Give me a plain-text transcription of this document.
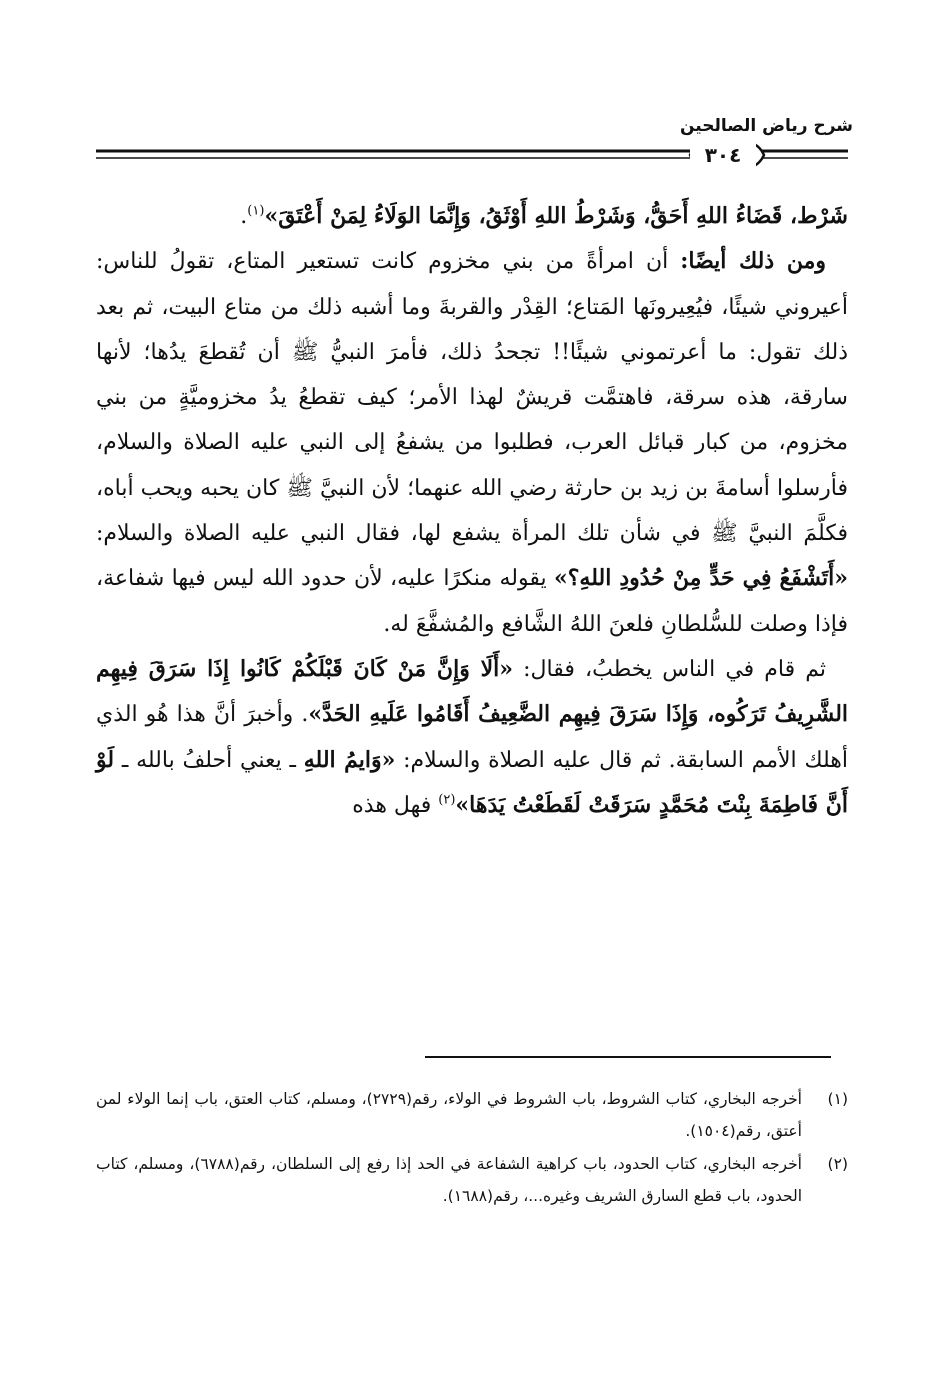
شرح رياض الصالحين
٣٠٤

شَرْط، قَضَاءُ اللهِ أَحَقُّ، وَشَرْطُ اللهِ أَوْثَقُ، وَإِنَّمَا الوَلَاءُ لِمَنْ أَعْتَقَ»$^{(١)}$.

 ومن ذلك أيضًا: أن امرأةً من بني مخزوم كانت تستعير المتاع، تقولُ للناس: أعيروني شيئًا، فيُعِيرونَها المَتاع؛ القِدْر والقربةَ وما أشبه ذلك من متاع البيت، ثم بعد ذلك تقول: ما أعرتموني شيئًا!! تجحدُ ذلك، فأمرَ النبيُّ ﷺ أن تُقطعَ يدُها؛ لأنها سارقة، هذه سرقة، فاهتمَّت قريشٌ لهذا الأمر؛ كيف تقطعُ يدُ مخزوميَّةٍ من بني مخزوم، من كبار قبائل العرب، فطلبوا من يشفعُ إلى النبي عليه الصلاة والسلام، فأرسلوا أسامةَ بن زيد بن حارثة رضي الله عنهما؛ لأن النبيَّ ﷺ كان يحبه ويحب أباه، فكلَّمَ النبيَّ ﷺ في شأن تلك المرأة يشفع لها، فقال النبي عليه الصلاة والسلام: «أَتَشْفَعُ فِي حَدٍّ مِنْ حُدُودِ اللهِ؟» يقوله منكرًا عليه، لأن حدود الله ليس فيها شفاعة، فإذا وصلت للسُّلطانِ فلعنَ اللهُ الشَّافع والمُشفَّعَ له.

 ثم قام في الناس يخطبُ، فقال: «أَلَا وَإِنَّ مَنْ كَانَ قَبْلَكُمْ كَانُوا إِذَا سَرَقَ فِيهِم الشَّرِيفُ تَرَكُوه، وَإِذَا سَرَقَ فِيهِم الضَّعِيفُ أَقَامُوا عَلَيهِ الحَدَّ». وأخبرَ أنَّ هذا هُو الذي أهلك الأمم السابقة. ثم قال عليه الصلاة والسلام: «وَايمُ اللهِ ـ يعني أحلفُ بالله ـ لَوْ أَنَّ فَاطِمَةَ بِنْتَ مُحَمَّدٍ سَرَقَتْ لَقَطَعْتُ يَدَهَا»$^{(٢)}$ فهل هذه

(١)
أخرجه البخاري، كتاب الشروط، باب الشروط في الولاء، رقم(٢٧٢٩)، ومسلم، كتاب العتق، باب إنما الولاء لمن أعتق، رقم(١٥٠٤).
(٢)
أخرجه البخاري، كتاب الحدود، باب كراهية الشفاعة في الحد إذا رفع إلى السلطان، رقم(٦٧٨٨)، ومسلم، كتاب الحدود، باب قطع السارق الشريف وغيره...، رقم(١٦٨٨).
